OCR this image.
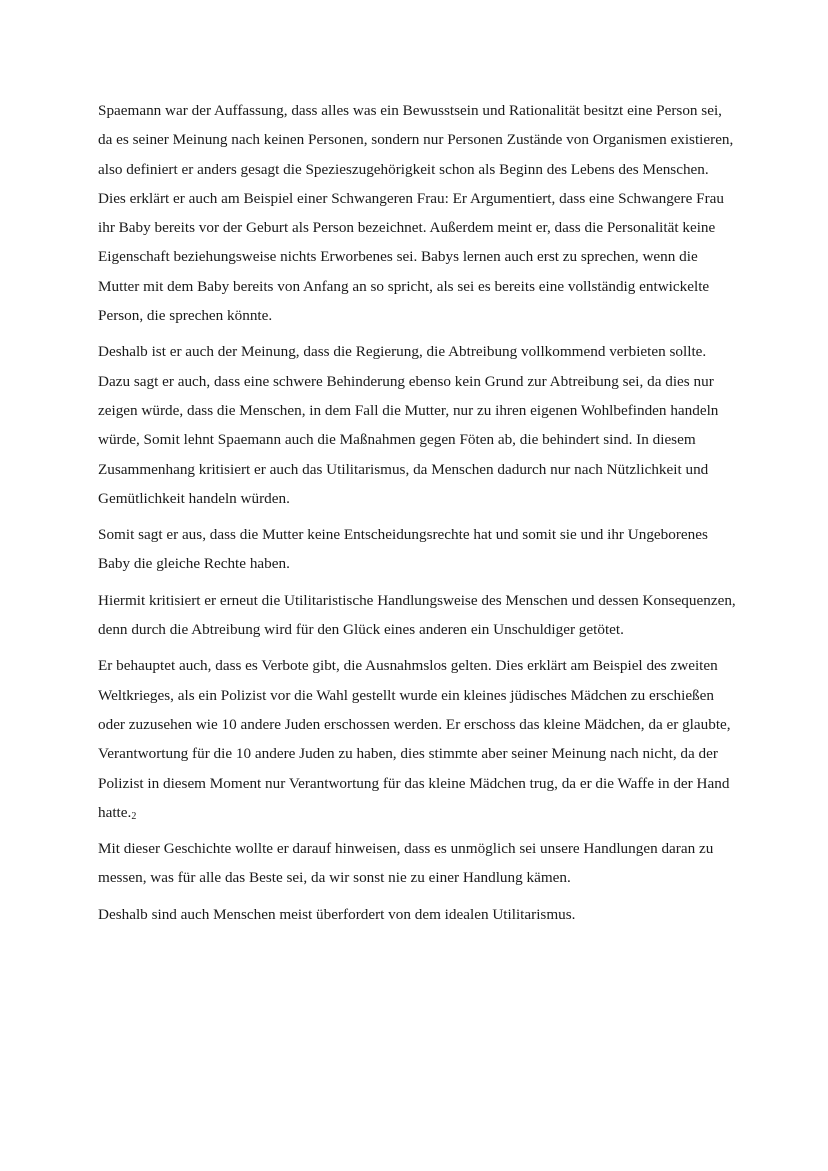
Spaemann war der Auffassung, dass alles was ein Bewusstsein und Rationalität besitzt eine Person sei, da es seiner Meinung nach keinen Personen, sondern nur Personen Zustände von Organismen existieren, also definiert er anders gesagt die Spezieszugehörigkeit schon als Beginn des Lebens des Menschen. Dies erklärt er auch am Beispiel einer Schwangeren Frau: Er Argumentiert, dass eine Schwangere Frau ihr Baby bereits vor der Geburt als Person bezeichnet. Außerdem meint er, dass die Personalität keine Eigenschaft beziehungsweise nichts Erworbenes sei. Babys lernen auch erst zu sprechen, wenn die Mutter mit dem Baby bereits von Anfang an so spricht, als sei es bereits eine vollständig entwickelte Person, die sprechen könnte.

Deshalb ist er auch der Meinung, dass die Regierung, die Abtreibung vollkommend verbieten sollte. Dazu sagt er auch, dass eine schwere Behinderung ebenso kein Grund zur Abtreibung sei, da dies nur zeigen würde, dass die Menschen, in dem Fall die Mutter, nur zu ihren eigenen Wohlbefinden handeln würde, Somit lehnt Spaemann auch die Maßnahmen gegen Föten ab, die behindert sind. In diesem Zusammenhang kritisiert er auch das Utilitarismus, da Menschen dadurch nur nach Nützlichkeit und Gemütlichkeit handeln würden.

Somit sagt er aus, dass die Mutter keine Entscheidungsrechte hat und somit sie und ihr Ungeborenes Baby die gleiche Rechte haben.

Hiermit kritisiert er erneut die Utilitaristische Handlungsweise des Menschen und dessen Konsequenzen, denn durch die Abtreibung wird für den Glück eines anderen ein Unschuldiger getötet.

Er behauptet auch, dass es Verbote gibt, die Ausnahmslos gelten. Dies erklärt am Beispiel des zweiten Weltkrieges, als ein Polizist vor die Wahl gestellt wurde ein kleines jüdisches Mädchen zu erschießen oder zuzusehen wie 10 andere Juden erschossen werden. Er erschoss das kleine Mädchen, da er glaubte, Verantwortung für die 10 andere Juden zu haben, dies stimmte aber seiner Meinung nach nicht, da der Polizist in diesem Moment nur Verantwortung für das kleine Mädchen trug, da er die Waffe in der Hand hatte.2

Mit dieser Geschichte wollte er darauf hinweisen, dass es unmöglich sei unsere Handlungen daran zu messen, was für alle das Beste sei, da wir sonst nie zu einer Handlung kämen.

Deshalb sind auch Menschen meist überfordert von dem idealen Utilitarismus.
